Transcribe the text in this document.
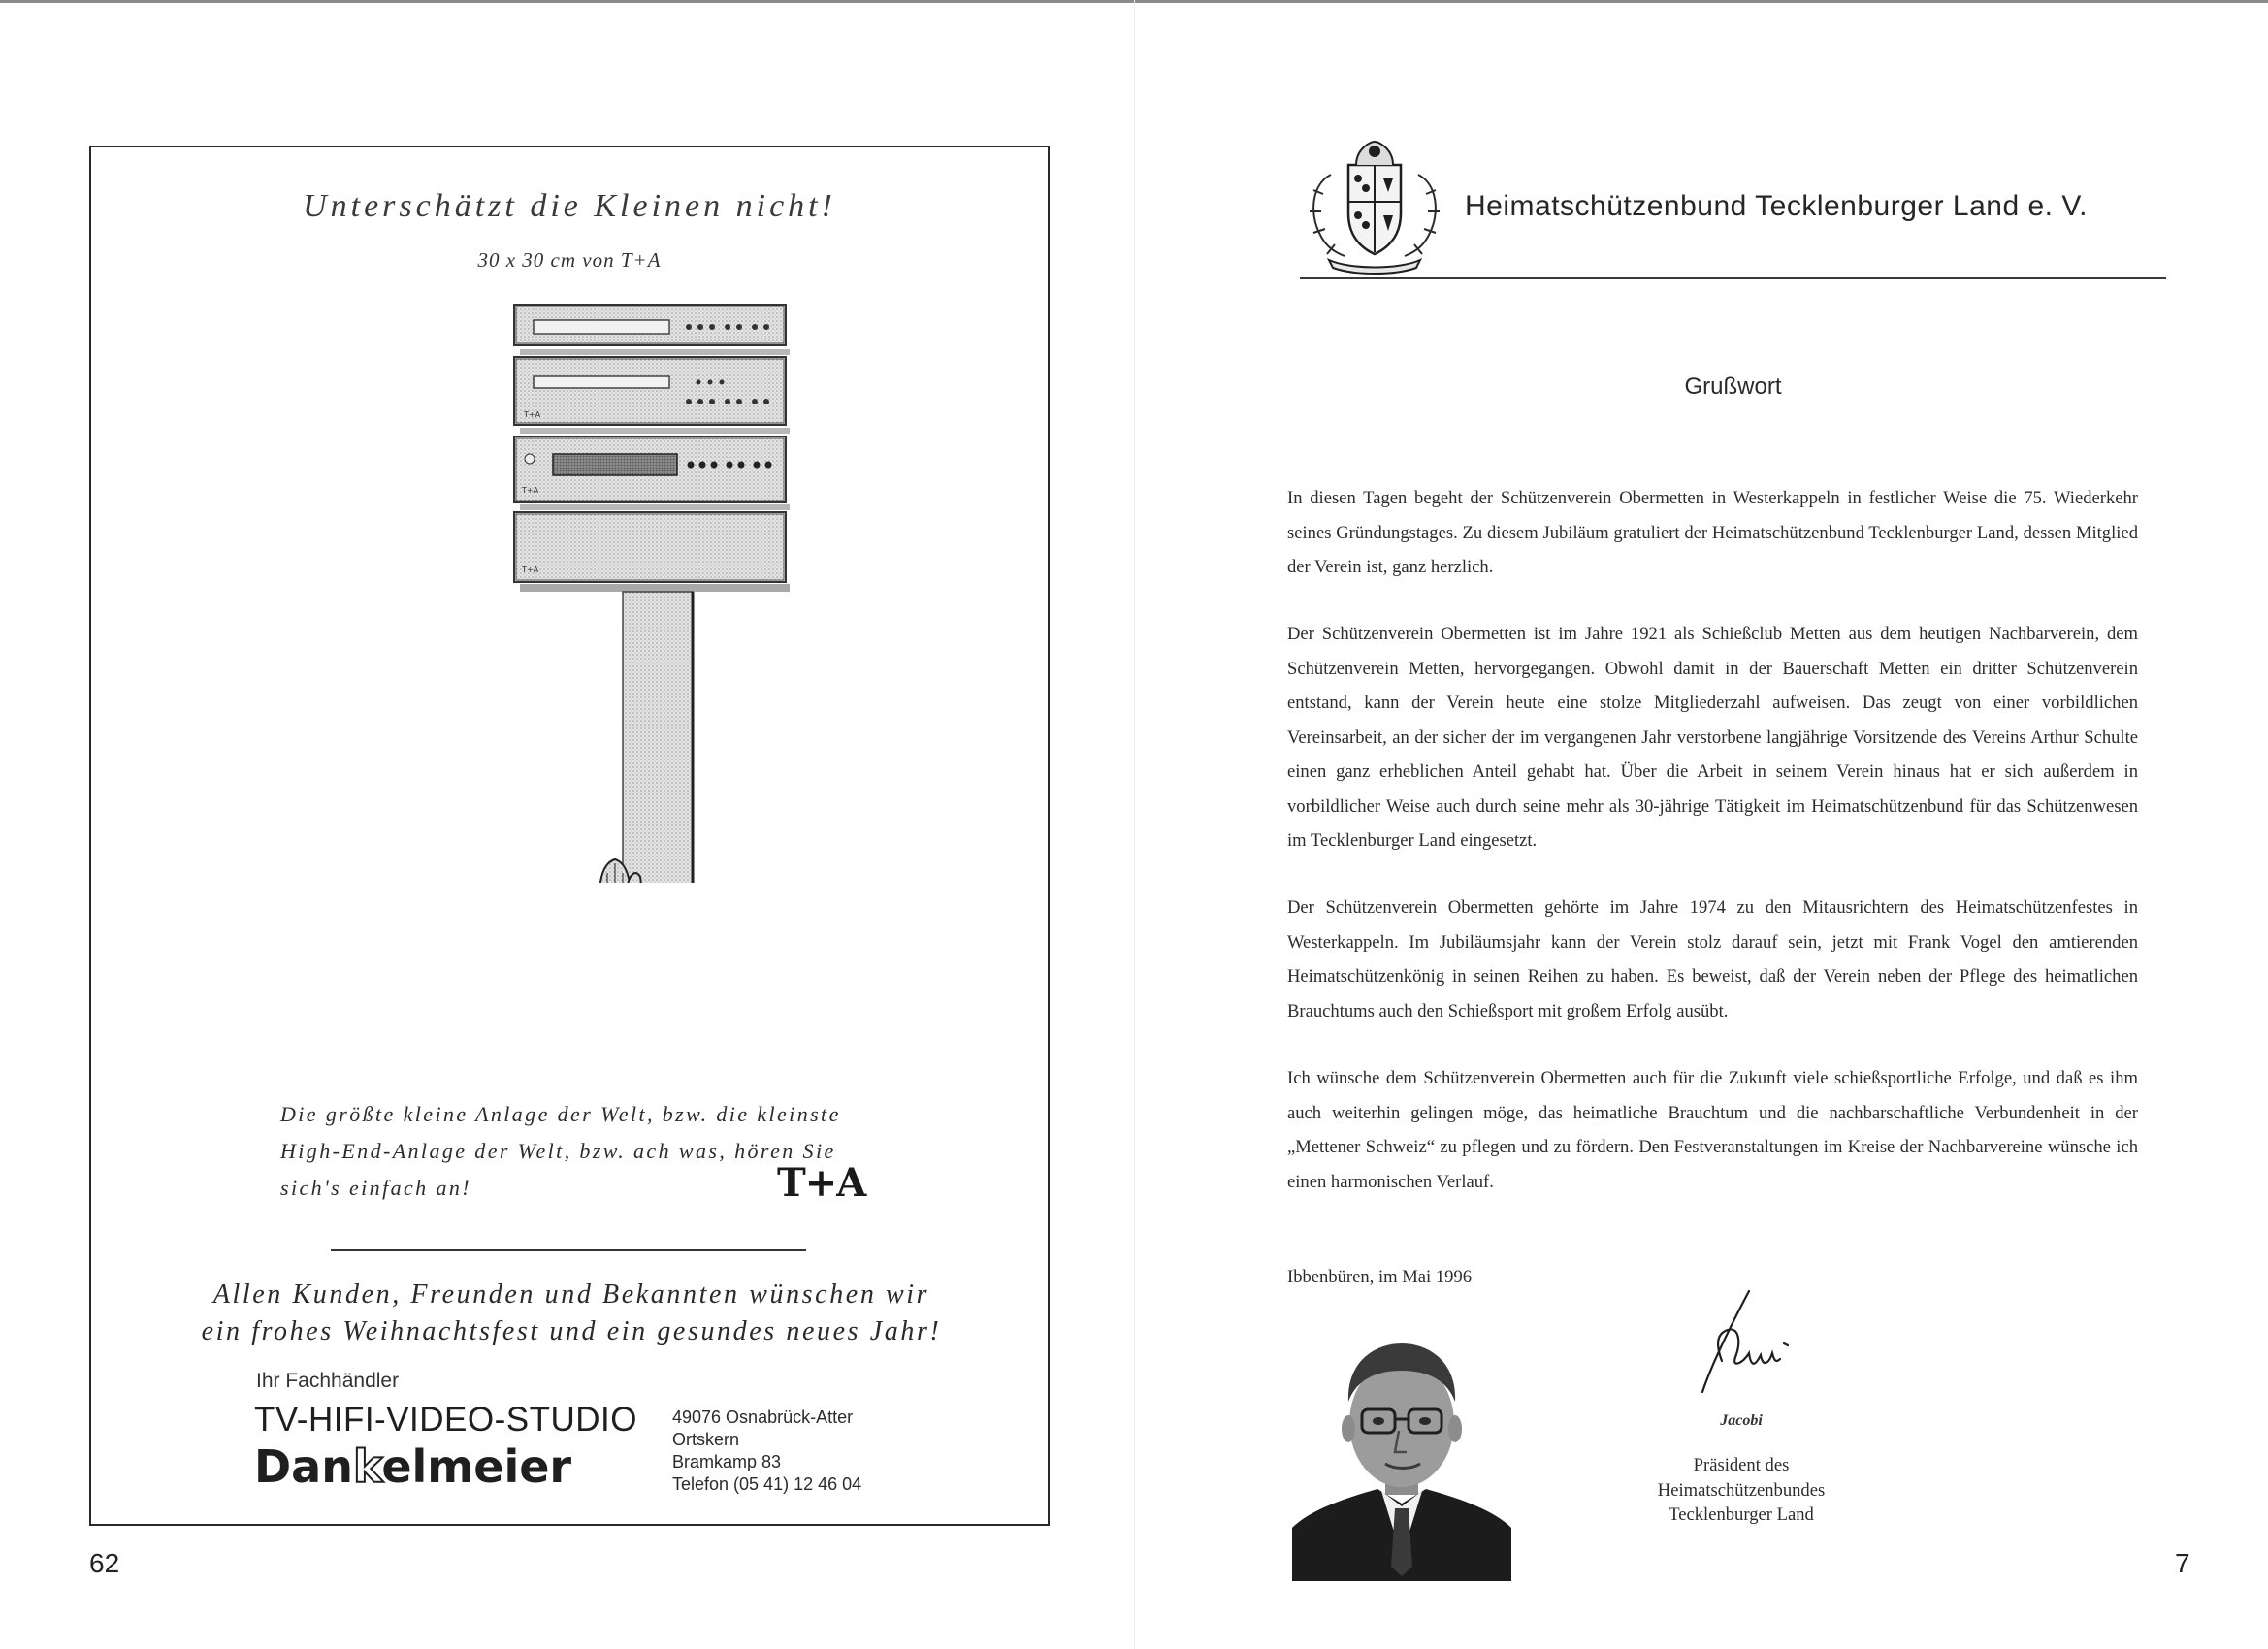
Unterschätzt die Kleinen nicht!
30 x 30 cm von T+A
T+A
T+A
T+A
Die größte kleine Anlage der Welt, bzw. die kleinste
High-End-Anlage der Welt, bzw. ach was, hören Sie
sich's einfach an!	T+A
Allen Kunden, Freunden und Bekannten wünschen wir
ein frohes Weihnachtsfest und ein gesundes neues Jahr!
Ihr Fachhändler
TV-HIFI-VIDEO-STUDIO
Dankelmeier
49076 Osnabrück-Atter
Ortskern
Bramkamp 83
Telefon (05 41) 12 46 04
62
Heimatschützenbund Tecklenburger Land e. V.
Grußwort
In diesen Tagen begeht der Schützenverein Obermetten in Westerkappeln in festlicher Weise die 75. Wiederkehr seines Gründungstages. Zu diesem Jubiläum gratuliert der Heimatschützenbund Tecklenburger Land, dessen Mitglied der Verein ist, ganz herzlich.
Der Schützenverein Obermetten ist im Jahre 1921 als Schießclub Metten aus dem heutigen Nachbarverein, dem Schützenverein Metten, hervorgegangen. Obwohl damit in der Bauerschaft Metten ein dritter Schützenverein entstand, kann der Verein heute eine stolze Mitgliederzahl aufweisen. Das zeugt von einer vorbildlichen Vereinsarbeit, an der sicher der im vergangenen Jahr verstorbene langjährige Vorsitzende des Vereins Arthur Schulte einen ganz erheblichen Anteil gehabt hat. Über die Arbeit in seinem Verein hinaus hat er sich außerdem in vorbildlicher Weise auch durch seine mehr als 30-jährige Tätigkeit im Heimatschützenbund für das Schützenwesen im Tecklenburger Land eingesetzt.
Der Schützenverein Obermetten gehörte im Jahre 1974 zu den Mitausrichtern des Heimatschützenfestes in Westerkappeln. Im Jubiläumsjahr kann der Verein stolz darauf sein, jetzt mit Frank Vogel den amtierenden Heimatschützenkönig in seinen Reihen zu haben. Es beweist, daß der Verein neben der Pflege des heimatlichen Brauchtums auch den Schießsport mit großem Erfolg ausübt.
Ich wünsche dem Schützenverein Obermetten auch für die Zukunft viele schießsportliche Erfolge, und daß es ihm auch weiterhin gelingen möge, das heimatliche Brauchtum und die nachbarschaftliche Verbundenheit in der „Mettener Schweiz“ zu pflegen und zu fördern. Den Festveranstaltungen im Kreise der Nachbarvereine wünsche ich einen harmonischen Verlauf.
Ibbenbüren, im Mai 1996
Jacobi
Präsident des
Heimatschützenbundes
Tecklenburger Land
7
